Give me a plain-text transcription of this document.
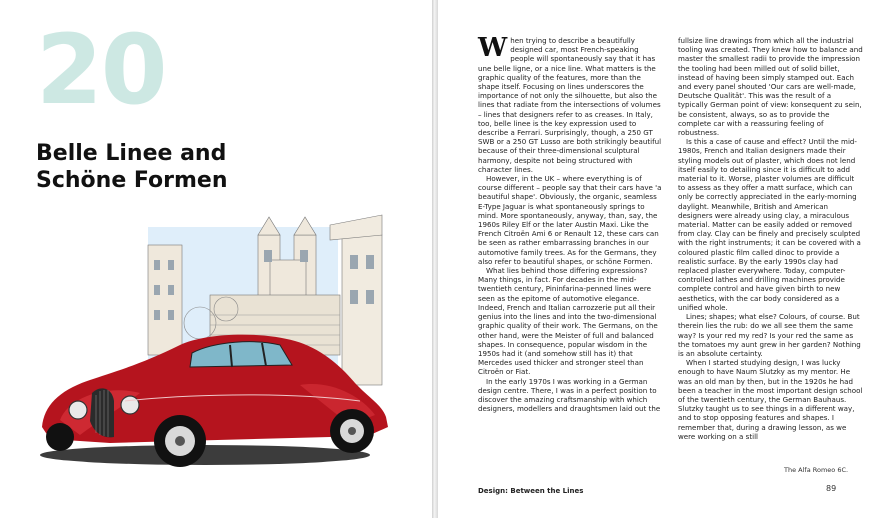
20
Belle Linee and
Schöne Formen

When trying to describe a beautifully designed car, most French-speaking people will spontaneously say that it has une belle ligne, or a nice line. What matters is the graphic quality of the features, more than the shape itself. Focusing on lines underscores the importance of not only the silhouette, but also the lines that radiate from the intersections of volumes – lines that designers refer to as creases. In Italy, too, belle linee is the key expression used to describe a Ferrari. Surprisingly, though, a 250 GT SWB or a 250 GT Lusso are both strikingly beautiful because of their three-dimensional sculptural harmony, despite not being structured with character lines.

However, in the UK – where everything is of course different – people say that their cars have 'a beautiful shape'. Obviously, the organic, seamless E-Type Jaguar is what spontaneously springs to mind. More spontaneously, anyway, than, say, the 1960s Riley Elf or the later Austin Maxi. Like the French Citroën Ami 6 or Renault 12, these cars can be seen as rather embarrassing branches in our automotive family trees. As for the Germans, they also refer to beautiful shapes, or schöne Formen.

What lies behind those differing expressions? Many things, in fact. For decades in the mid-twentieth century, Pininfarina-penned lines were seen as the epitome of automotive elegance. Indeed, French and Italian carrozzerie put all their genius into the lines and into the two-dimensional graphic quality of their work. The Germans, on the other hand, were the Meister of full and balanced shapes. In consequence, popular wisdom in the 1950s had it (and somehow still has it) that Mercedes used thicker and stronger steel than Citroën or Fiat.

In the early 1970s I was working in a German design centre. There, I was in a perfect position to discover the amazing craftsmanship with which designers, modellers and draughtsmen laid out the

fullsize line drawings from which all the industrial tooling was created. They knew how to balance and master the smallest radii to provide the impression the tooling had been milled out of solid billet, instead of having been simply stamped out. Each and every panel shouted 'Our cars are well-made, Deutsche Qualität'. This was the result of a typically German point of view: konsequent zu sein, be consistent, always, so as to provide the complete car with a reassuring feeling of robustness.

Is this a case of cause and effect? Until the mid-1980s, French and Italian designers made their styling models out of plaster, which does not lend itself easily to detailing since it is difficult to add material to it. Worse, plaster volumes are difficult to assess as they offer a matt surface, which can only be correctly appreciated in the early-morning daylight. Meanwhile, British and American designers were already using clay, a miraculous material. Matter can be easily added or removed from clay. Clay can be finely and precisely sculpted with the right instruments; it can be covered with a coloured plastic film called dinoc to provide a realistic surface. By the early 1990s clay had replaced plaster everywhere. Today, computer-controlled lathes and drilling machines provide complete control and have given birth to new aesthetics, with the car body considered as a unified whole.

Lines; shapes; what else? Colours, of course. But therein lies the rub: do we all see them the same way? Is your red my red? Is your red the same as the tomatoes my aunt grew in her garden? Nothing is an absolute certainty.

When I started studying design, I was lucky enough to have Naum Slutzky as my mentor. He was an old man by then, but in the 1920s he had been a teacher in the most important design school of the twentieth century, the German Bauhaus. Slutzky taught us to see things in a different way, and to stop opposing features and shapes. I remember that, during a drawing lesson, as we were working on a still

Design: Between the Lines
The Alfa Romeo 6C.
89
